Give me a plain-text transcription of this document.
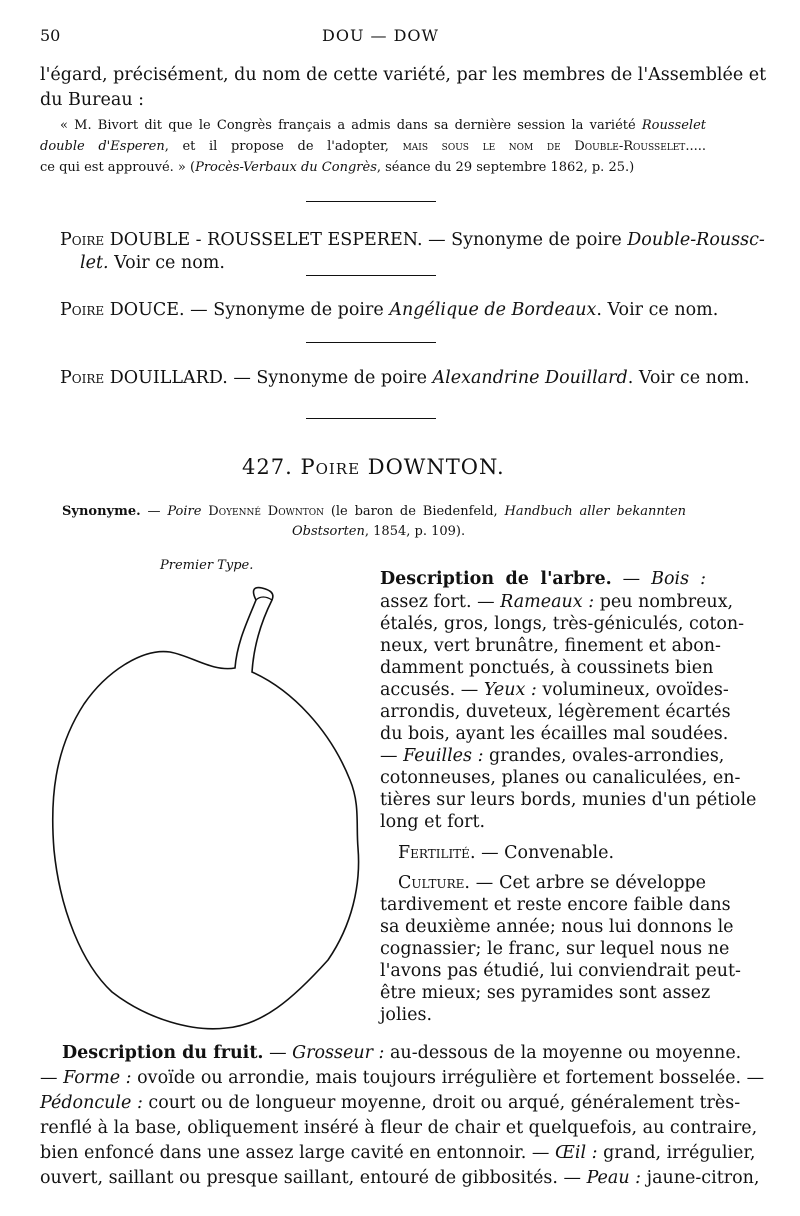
50	DOU — DOW
l'égard, précisément, du nom de cette variété, par les membres de l'Assemblée et
du Bureau :
« M. Bivort dit que le Congrès français a admis dans sa dernière session la variété Rousselet
double d'Esperen, et il propose de l'adopter, mais sous le nom de Double-Rousselet.....
ce qui est approuvé. » (Procès-Verbaux du Congrès, séance du 29 septembre 1862, p. 25.)
Poire DOUBLE - ROUSSELET ESPEREN. — Synonyme de poire Double-Roussc-
let. Voir ce nom.
Poire DOUCE. — Synonyme de poire Angélique de Bordeaux. Voir ce nom.
Poire DOUILLARD. — Synonyme de poire Alexandrine Douillard. Voir ce nom.
427. Poire DOWNTON.
Synonyme. — Poire Doyenné Downton (le baron de Biedenfeld, Handbuch aller bekannten
Obstsorten, 1854, p. 109).
Premier Type.
Description de l'arbre. — Bois :
assez fort. — Rameaux : peu nombreux,
étalés, gros, longs, très-géniculés, coton-
neux, vert brunâtre, finement et abon-
damment ponctués, à coussinets bien
accusés. — Yeux : volumineux, ovoïdes-
arrondis, duveteux, légèrement écartés
du bois, ayant les écailles mal soudées.
— Feuilles : grandes, ovales-arrondies,
cotonneuses, planes ou canaliculées, en-
tières sur leurs bords, munies d'un pétiole
long et fort.
Fertilité. — Convenable.
Culture. — Cet arbre se développe
tardivement et reste encore faible dans
sa deuxième année; nous lui donnons le
cognassier; le franc, sur lequel nous ne
l'avons pas étudié, lui conviendrait peut-
être mieux; ses pyramides sont assez
jolies.
Description du fruit. — Grosseur : au-dessous de la moyenne ou moyenne.
— Forme : ovoïde ou arrondie, mais toujours irrégulière et fortement bosselée. —
Pédoncule : court ou de longueur moyenne, droit ou arqué, généralement très-
renflé à la base, obliquement inséré à fleur de chair et quelquefois, au contraire,
bien enfoncé dans une assez large cavité en entonnoir. — Œil : grand, irrégulier,
ouvert, saillant ou presque saillant, entouré de gibbosités. — Peau : jaune-citron,
